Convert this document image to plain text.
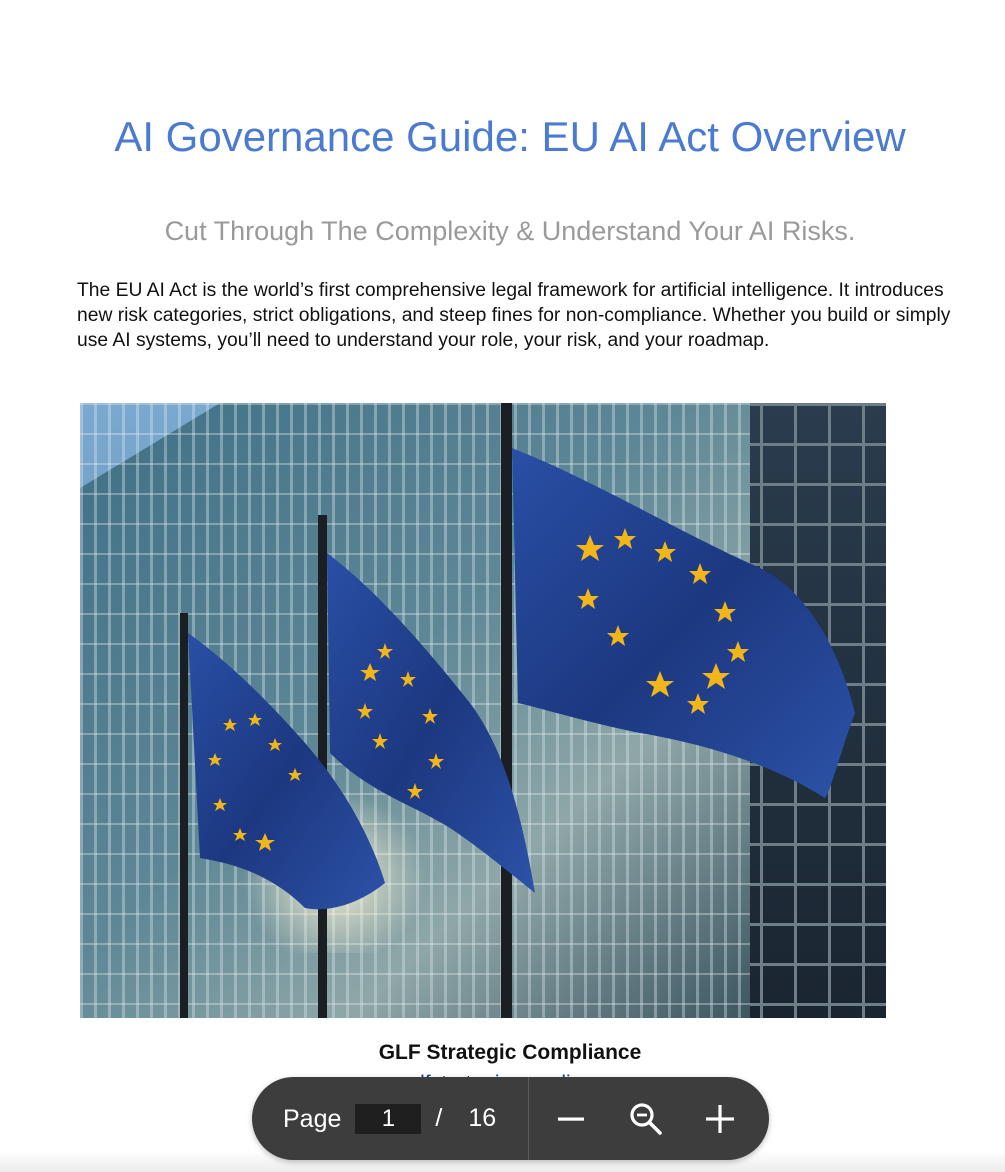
AI Governance Guide: EU AI Act Overview
Cut Through The Complexity & Understand Your AI Risks.

The EU AI Act is the world’s first comprehensive legal framework for artificial intelligence. It introduces new risk categories, strict obligations, and steep fines for non-compliance. Whether you build or simply use AI systems, you’ll need to understand your role, your risk, and your roadmap.

GLF Strategic Compliance

Page
1	/ 16
